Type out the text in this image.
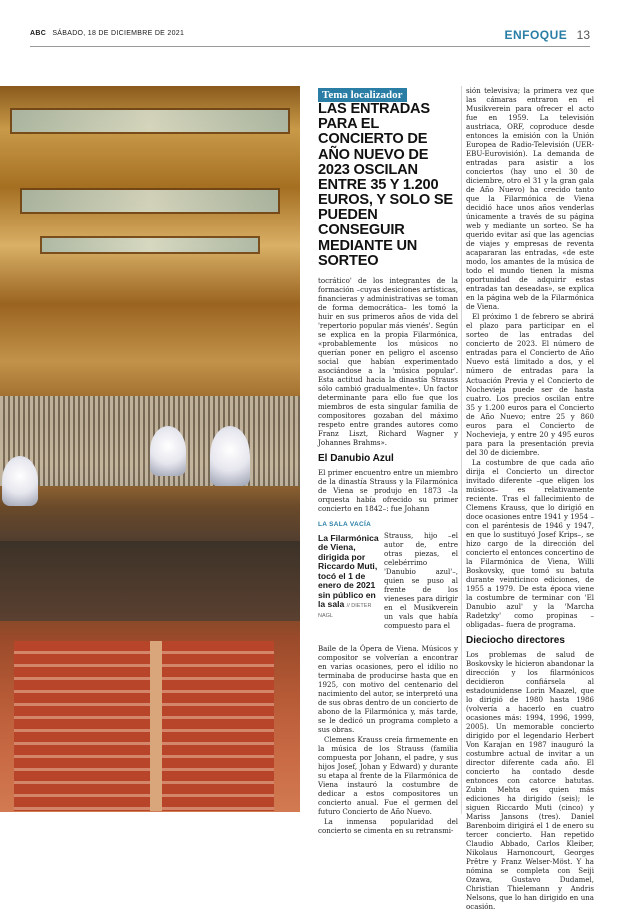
ABC SÁBADO, 18 DE DICIEMBRE DE 2021	ENFOQUE 13
Tema localizador
LAS ENTRADAS PARA EL CONCIERTO DE AÑO NUEVO DE 2023 OSCILAN ENTRE 35 Y 1.200 EUROS, Y SOLO SE PUEDEN CONSEGUIR MEDIANTE UN SORTEO

tocrático' de los integrantes de la formación –cuyas desiciones artísticas, financieras y administrativas se toman de forma democrática– les tomó la huir en sus primeros años de vida del 'repertorio popular más vienés'. Según se explica en la propia Filarmónica, «probablemente los músicos no querían poner en peligro el ascenso social que habían experimentado asociándose a la 'música popular'. Esta actitud hacia la dinastía Strauss sólo cambió gradualmente». Un factor determinante para ello fue que los miembros de esta singular familia de compositores gozaban del máximo respeto entre grandes autores como Franz Liszt, Richard Wagner y Johannes Brahms».

El Danubio Azul

El primer encuentro entre un miembro de la dinastía Strauss y la Filarmónica de Viena se produjo en 1873 –la orquesta había ofrecido su primer concierto en 1842–: fue Johann

LA SALA VACÍA
La Filarmónica de Viena, dirigida por Riccardo Muti, tocó el 1 de enero de 2021 sin público en la sala // DIETER NAGL

Strauss, hijo –el autor de, entre otras piezas, el celebérrimo 'Danubio azul'–, quien se puso al frente de los vieneses para dirigir en el Musikverein un vals que había compuesto para el

Baile de la Ópera de Viena. Músicos y compositor se volverían a encontrar en varias ocasiones, pero el idilio no terminaba de producirse hasta que en 1925, con motivo del centenario del nacimiento del autor, se interpretó una de sus obras dentro de un concierto de abono de la Filarmónica y, más tarde, se le dedicó un programa completo a sus obras.

Clemens Krauss creía firmemente en la música de los Strauss (familia compuesta por Johann, el padre, y sus hijos Josef, Johan y Edward) y durante su etapa al frente de la Filarmónica de Viena instauró la costumbre de dedicar a estos compositores un concierto anual. Fue el germen del futuro Concierto de Año Nuevo.

La inmensa popularidad del concierto se cimenta en su retransmi-

sión televisiva; la primera vez que las cámaras entraron en el Musikverein para ofrecer el acto fue en 1959. La televisión austriaca, ORF, coproduce desde entonces la emisión con la Unión Europea de Radio-Televisión (UER-EBU-Eurovisión). La demanda de entradas para asistir a los conciertos (hay uno el 30 de diciembre, otro el 31 y la gran gala de Año Nuevo) ha crecido tanto que la Filarmónica de Viena decidió hace unos años venderlas únicamente a través de su página web y mediante un sorteo. Se ha querido evitar así que las agencias de viajes y empresas de reventa acapararan las entradas, «de este modo, los amantes de la música de todo el mundo tienen la misma oportunidad de adquirir estas entradas tan deseadas», se explica en la página web de la Filarmónica de Viena.

El próximo 1 de febrero se abrirá el plazo para participar en el sorteo de las entradas del concierto de 2023. El número de entradas para el Concierto de Año Nuevo está limitado a dos, y el número de entradas para la Actuación Previa y el Concierto de Nochevieja puede ser de hasta cuatro. Los precios oscilan entre 35 y 1.200 euros para el Concierto de Año Nuevo; entre 25 y 860 euros para el Concierto de Nochevieja, y entre 20 y 495 euros para para la presentación previa del 30 de diciembre.

La costumbre de que cada año dirija el Concierto un director invitado diferente –que eligen los músicos– es relativamente reciente. Tras el fallecimiento de Clemens Krauss, que lo dirigió en doce ocasiones entre 1941 y 1954 –con el paréntesis de 1946 y 1947, en que lo sustituyó Josef Krips–, se hizo cargo de la dirección del concierto el entonces concertino de la Filarmónica de Viena, Willi Boskovsky, que tomó su batuta durante veinticinco ediciones, de 1955 a 1979. De esta época viene la costumbre de terminar con 'El Danubio azul' y la 'Marcha Radetzky' como propinas –obligadas– fuera de programa.

Dieciocho directores

Los problemas de salud de Boskovsky le hicieron abandonar la dirección y los filarmónicos decidieron confiársela al estadounidense Lorin Maazel, que lo dirigió de 1980 hasta 1986 (volvería a hacerlo en cuatro ocasiones más: 1994, 1996, 1999, 2005). Un memorable concierto dirigido por el legendario Herbert Von Karajan en 1987 inauguró la costumbre actual de invitar a un director diferente cada año. El concierto ha contado desde entonces con catorce batutas. Zubin Mehta es quien más ediciones ha dirigido (seis); le siguen Riccardo Muti (cinco) y Mariss Jansons (tres). Daniel Barenboim dirigirá el 1 de enero su tercer concierto. Han repetido Claudio Abbado, Carlos Kleiber, Nikolaus Harnoncourt, Georges Prêtre y Franz Welser-Möst. Y ha nómina se completa con Seiji Ozawa, Gustavo Dudamel, Christian Thielemann y Andris Nelsons, que lo han dirigido en una ocasión.
